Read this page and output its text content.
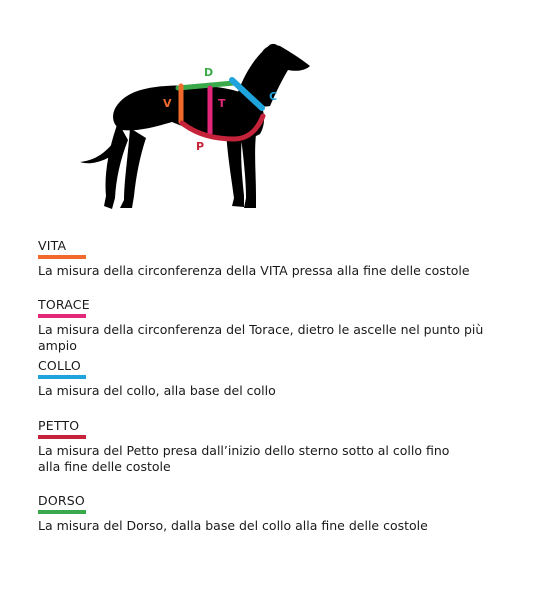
D
V	T
C
P
VITA
La misura della circonferenza della VITA pressa alla fine delle costole
TORACE
La misura della circonferenza del Torace, dietro le ascelle nel punto più ampio
COLLO
La misura del collo, alla base del collo
PETTO
La misura del Petto presa dall’inizio dello sterno sotto al collo fino
alla fine delle costole
DORSO
La misura del Dorso, dalla base del collo alla fine delle costole
